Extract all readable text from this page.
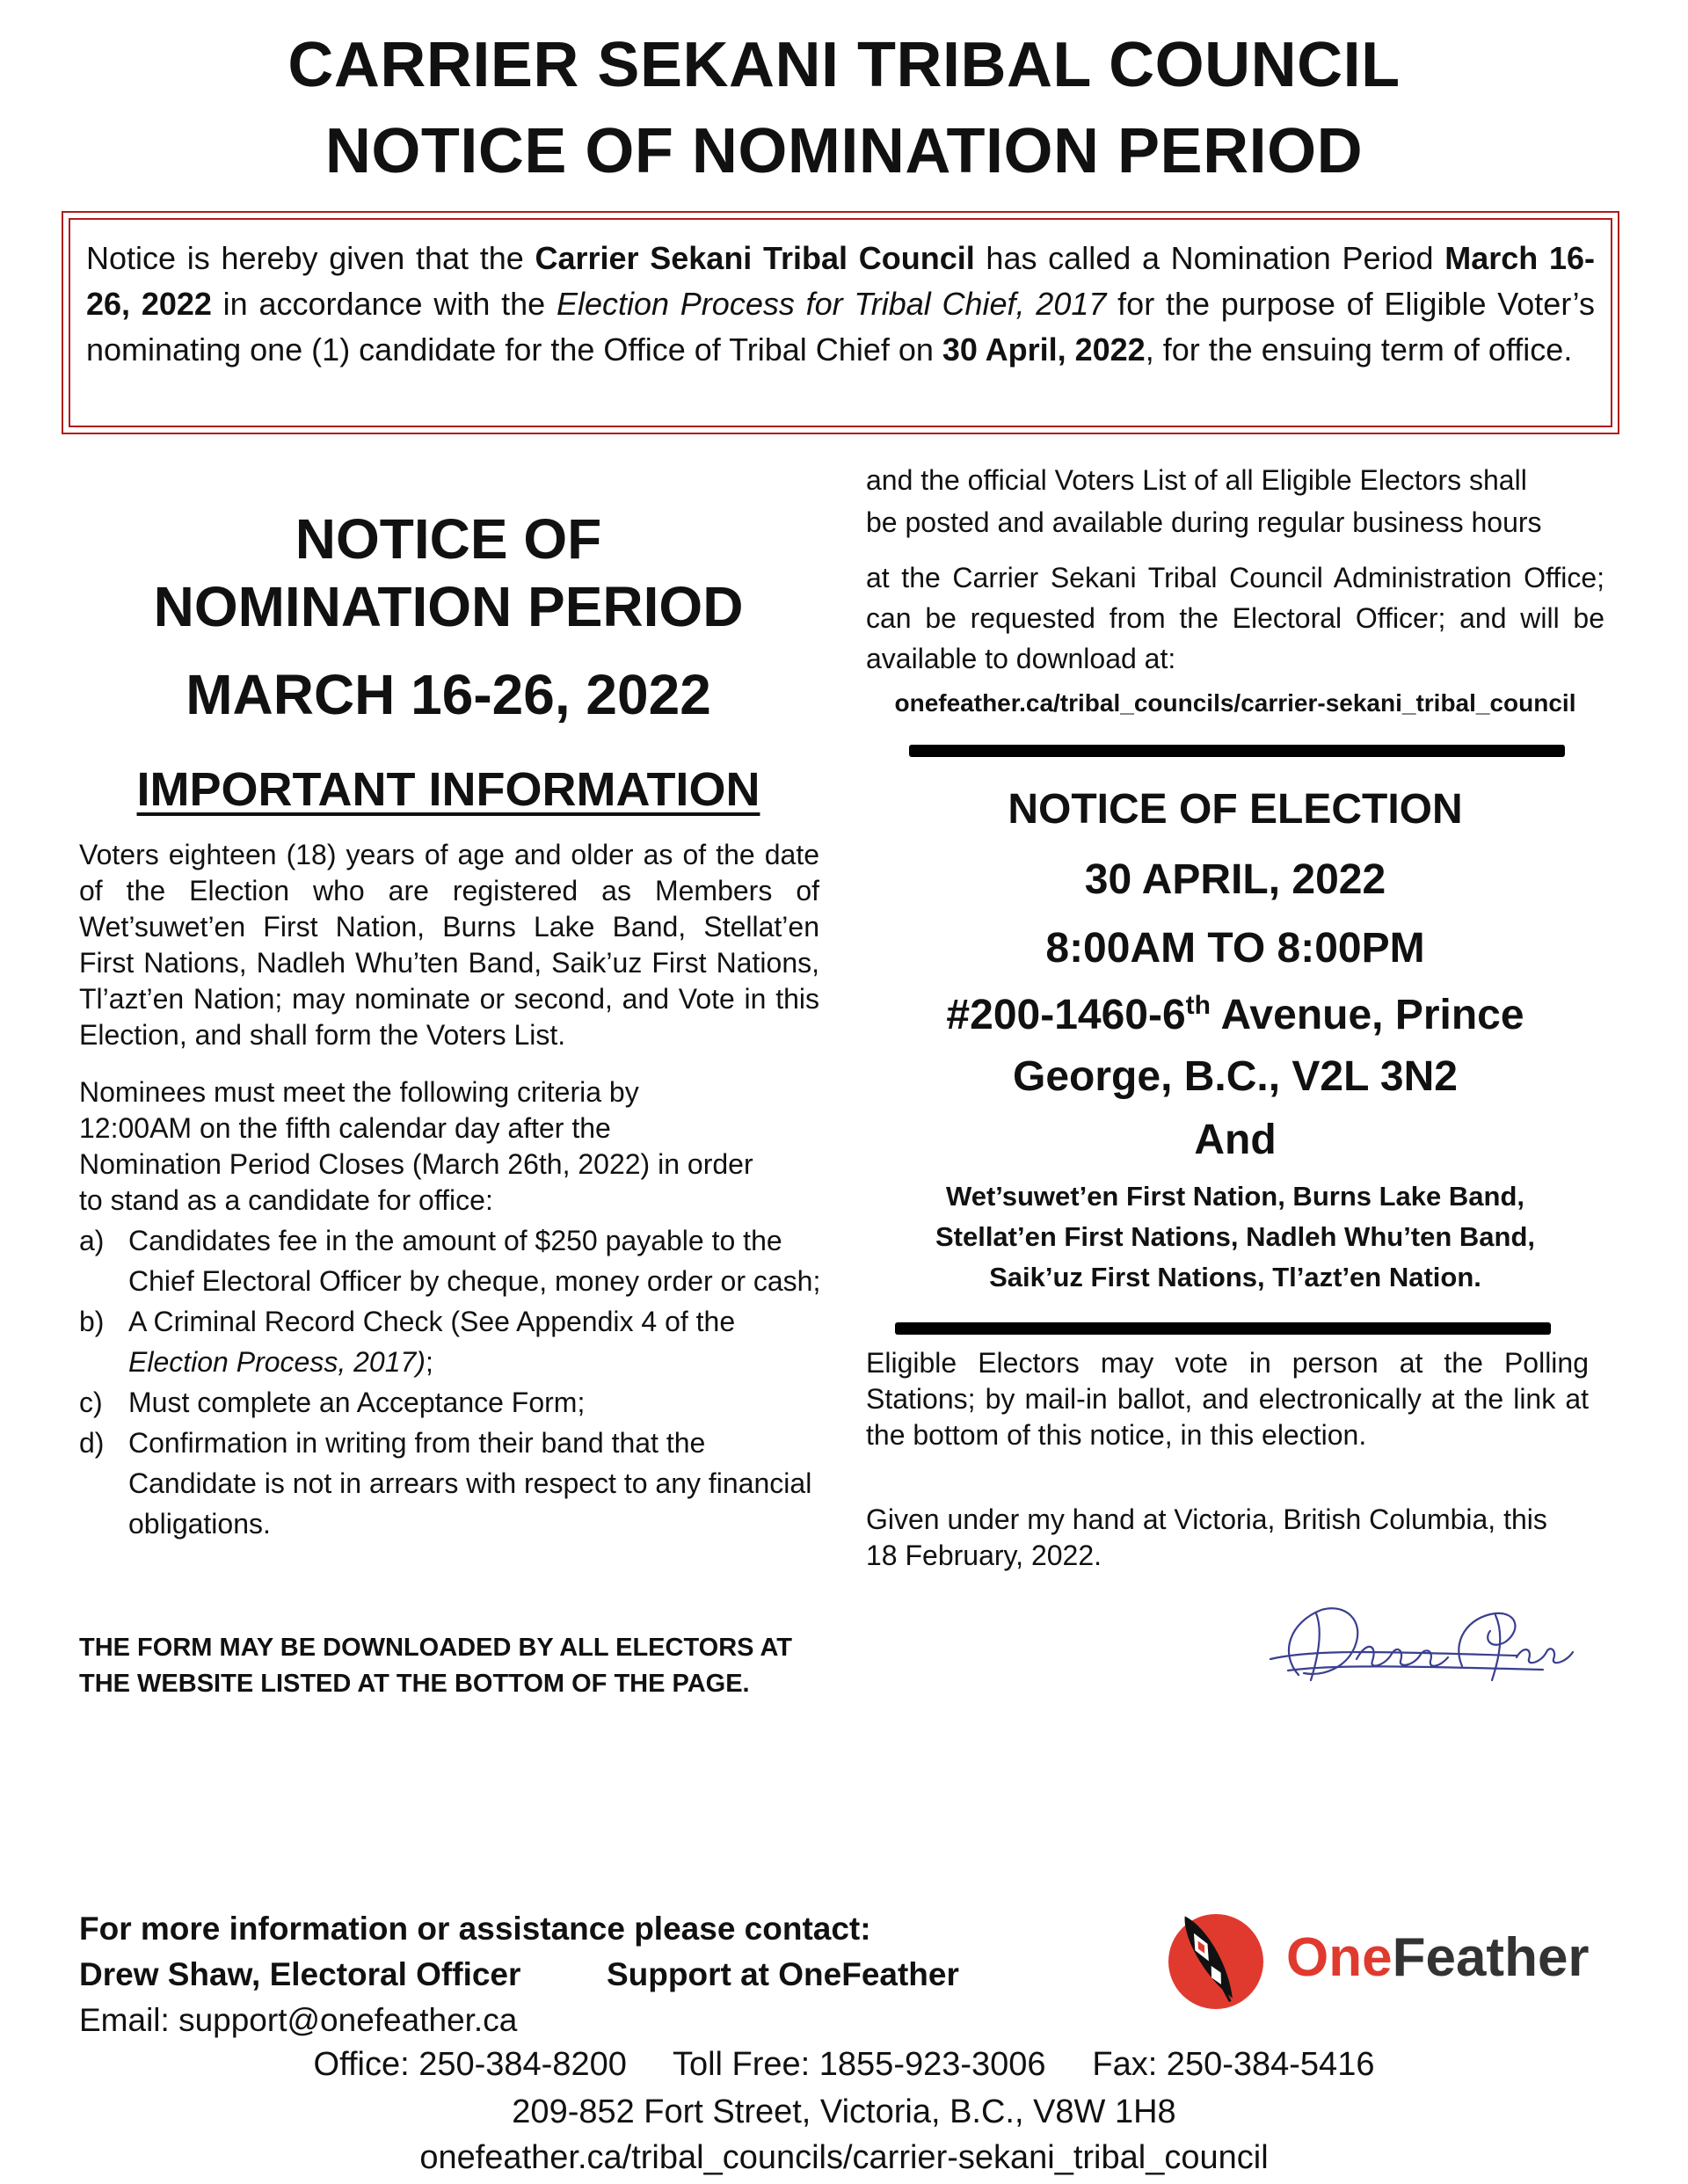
CARRIER SEKANI TRIBAL COUNCIL
NOTICE OF NOMINATION PERIOD
Notice is hereby given that the Carrier Sekani Tribal Council has called a Nomination Period March 16- 26, 2022 in accordance with the Election Process for Tribal Chief, 2017 for the purpose of Eligible Voter’s nominating one (1) candidate for the Office of Tribal Chief on 30 April, 2022, for the ensuing term of office.
NOTICE OF
NOMINATION PERIOD
MARCH 16-26, 2022
IMPORTANT INFORMATION
Voters eighteen (18) years of age and older as of the date of the Election who are registered as Members of Wet’suwet’en First Nation, Burns Lake Band, Stellat’en First Nations, Nadleh Whu’ten Band, Saik’uz First Nations, Tl’azt’en Nation; may nominate or second, and Vote in this Election, and shall form the Voters List.
Nominees must meet the following criteria by
12:00AM on the fifth calendar day after the
Nomination Period Closes (March 26th, 2022) in order
to stand as a candidate for office:
a) Candidates fee in the amount of $250 payable to the Chief Electoral Officer by cheque, money order or cash;
b) A Criminal Record Check (See Appendix 4 of the Election Process, 2017);
c) Must complete an Acceptance Form;
d) Confirmation in writing from their band that the Candidate is not in arrears with respect to any financial obligations.
THE FORM MAY BE DOWNLOADED BY ALL ELECTORS AT
THE WEBSITE LISTED AT THE BOTTOM OF THE PAGE.
and the official Voters List of all Eligible Electors shall
be posted and available during regular business hours
at the Carrier Sekani Tribal Council Administration Office; can be requested from the Electoral Officer; and will be available to download at:
onefeather.ca/tribal_councils/carrier-sekani_tribal_council
NOTICE OF ELECTION
30 APRIL, 2022
8:00AM TO 8:00PM
#200-1460-6th Avenue, Prince
George, B.C., V2L 3N2
And
Wet’suwet’en First Nation, Burns Lake Band,
Stellat’en First Nations, Nadleh Whu’ten Band,
Saik’uz First Nations, Tl’azt’en Nation.
Eligible Electors may vote in person at the Polling Stations; by mail-in ballot, and electronically at the link at the bottom of this notice, in this election.
Given under my hand at Victoria, British Columbia, this
18 February, 2022.
For more information or assistance please contact:
Drew Shaw, Electoral Officer	Support at OneFeather
Email: support@onefeather.ca
OneFeather
Office: 250-384-8200     Toll Free: 1855-923-3006     Fax: 250-384-5416
209-852 Fort Street, Victoria, B.C., V8W 1H8
onefeather.ca/tribal_councils/carrier-sekani_tribal_council
